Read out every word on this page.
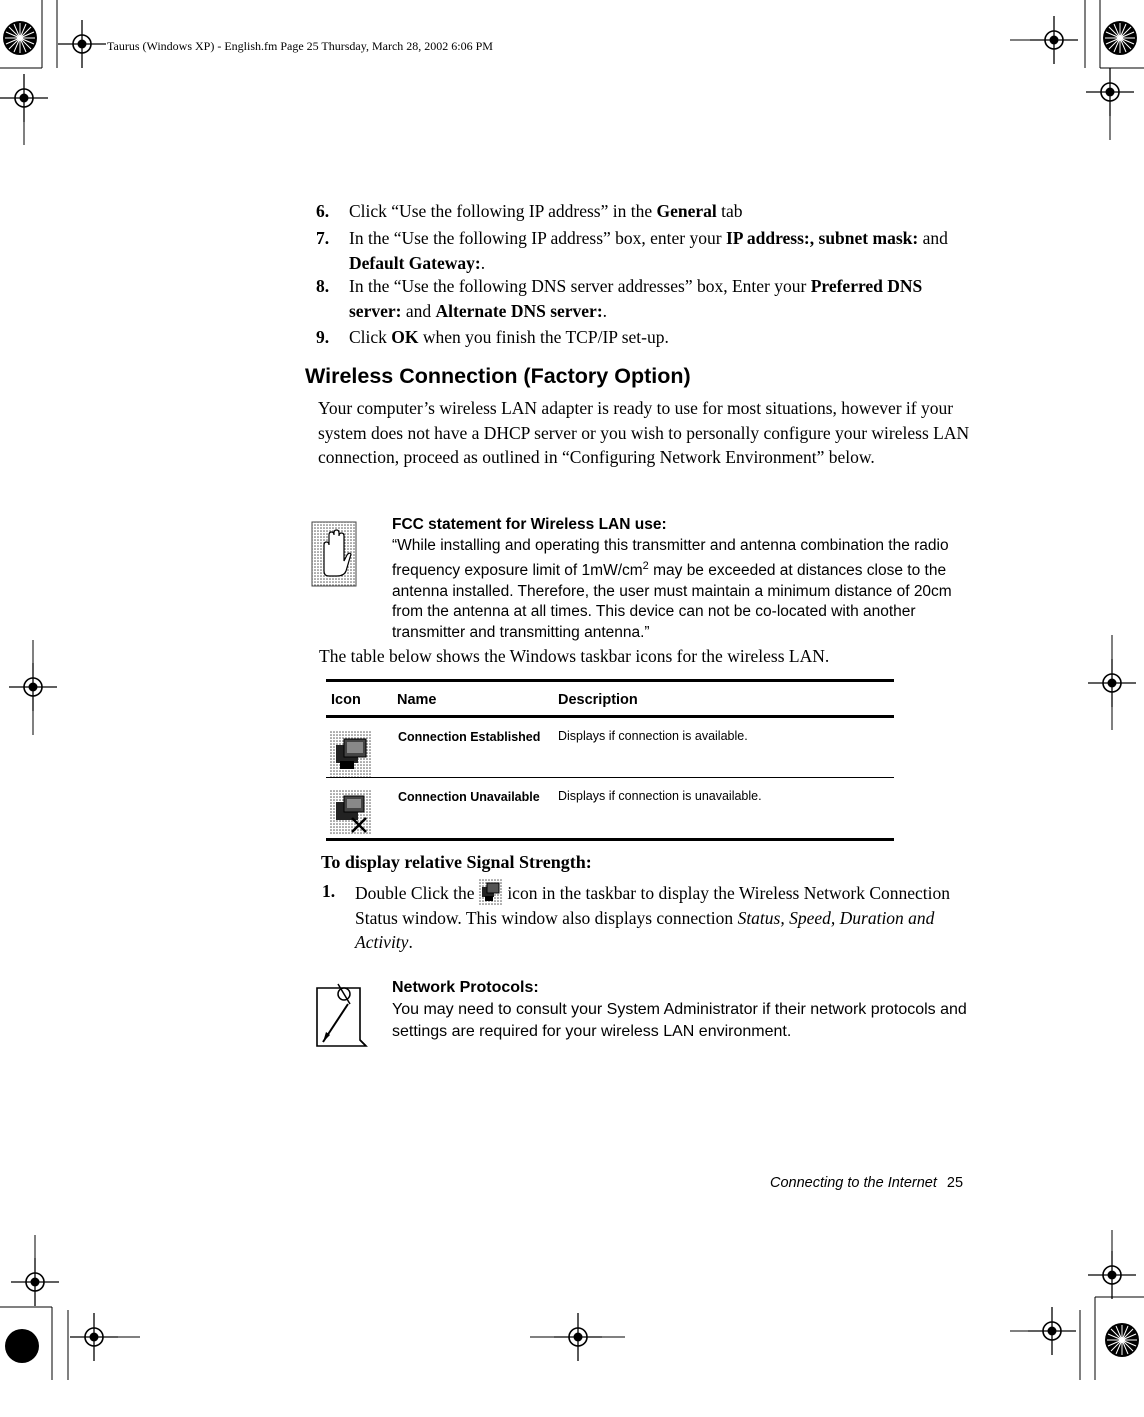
Taurus (Windows XP) - English.fm Page 25 Thursday, March 28, 2002 6:06 PM
6. Click “Use the following IP address” in the General tab
7. In the “Use the following IP address” box, enter your IP address:, subnet mask: and Default Gateway:.
8. In the “Use the following DNS server addresses” box, Enter your Preferred DNS server: and Alternate DNS server:.
9. Click OK when you finish the TCP/IP set-up.
Wireless Connection (Factory Option)
Your computer’s wireless LAN adapter is ready to use for most situations, however if your system does not have a DHCP server or you wish to personally configure your wireless LAN connection, proceed as outlined in “Configuring Network Environment” below.
FCC statement for Wireless LAN use:
“While installing and operating this transmitter and antenna combination the radio frequency exposure limit of $1mW/cm^2$ may be exceeded at distances close to the antenna installed. Therefore, the user must maintain a minimum distance of 20cm from the antenna at all times. This device can not be co-located with another transmitter and transmitting antenna.”
The table below shows the Windows taskbar icons for the wireless LAN.
Icon Name	Description
Connection Established Displays if connection is available.
Connection Unavailable Displays if connection is unavailable.
To display relative Signal Strength:
1. Double Click the  icon in the taskbar to display the Wireless Network Connection Status window. This window also displays connection Status, Speed, Duration and Activity.
Network Protocols:
You may need to consult your System Administrator if their network protocols and settings are required for your wireless LAN environment.
Connecting to the Internet 25
